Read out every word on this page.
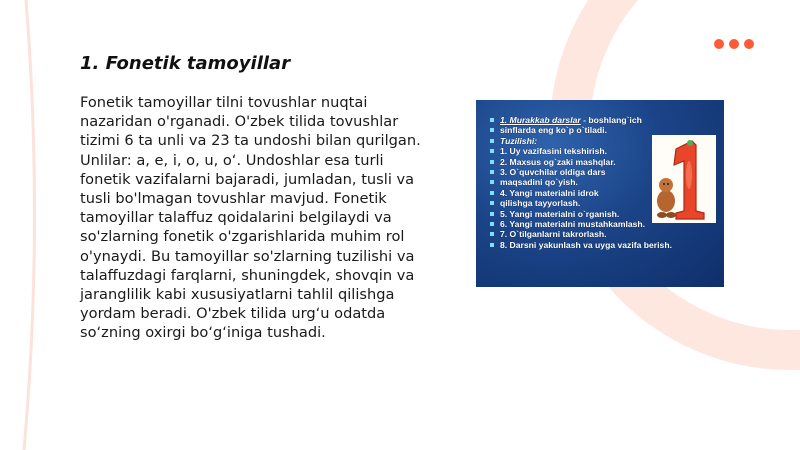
1. Fonetik tamoyillar

Fonetik tamoyillar tilni tovushlar nuqtai nazaridan o'rganadi. O'zbek tilida tovushlar tizimi 6 ta unli va 23 ta undoshi bilan qurilgan. Unlilar: a, e, i, o, u, o‘. Undoshlar esa turli fonetik vazifalarni bajaradi, jumladan, tusli va tusli bo'lmagan tovushlar mavjud. Fonetik tamoyillar talaffuz qoidalarini belgilaydi va so'zlarning fonetik o'zgarishlarida muhim rol o'ynaydi. Bu tamoyillar so'zlarning tuzilishi va talaffuzdagi farqlarni, shuningdek, shovqin va jaranglilik kabi xususiyatlarni tahlil qilishga yordam beradi. O'zbek tilida urg‘u odatda so‘zning oxirgi bo‘g‘iniga tushadi.

1. Murakkab darslar - boshlang`ich
sinflarda eng ko`p o`tiladi.
Tuzilishi:
1. Uy vazifasini tekshirish.
2. Maxsus og`zaki mashqlar.
3. O`quvchilar oldiga dars
maqsadini qo`yish.
4. Yangi materialni idrok
qilishga tayyorlash.
5. Yangi materialni o`rganish.
6. Yangi materialni mustahkamlash.
7. O`tilganlarni takrorlash.
8. Darsni yakunlash va uyga vazifa berish.
